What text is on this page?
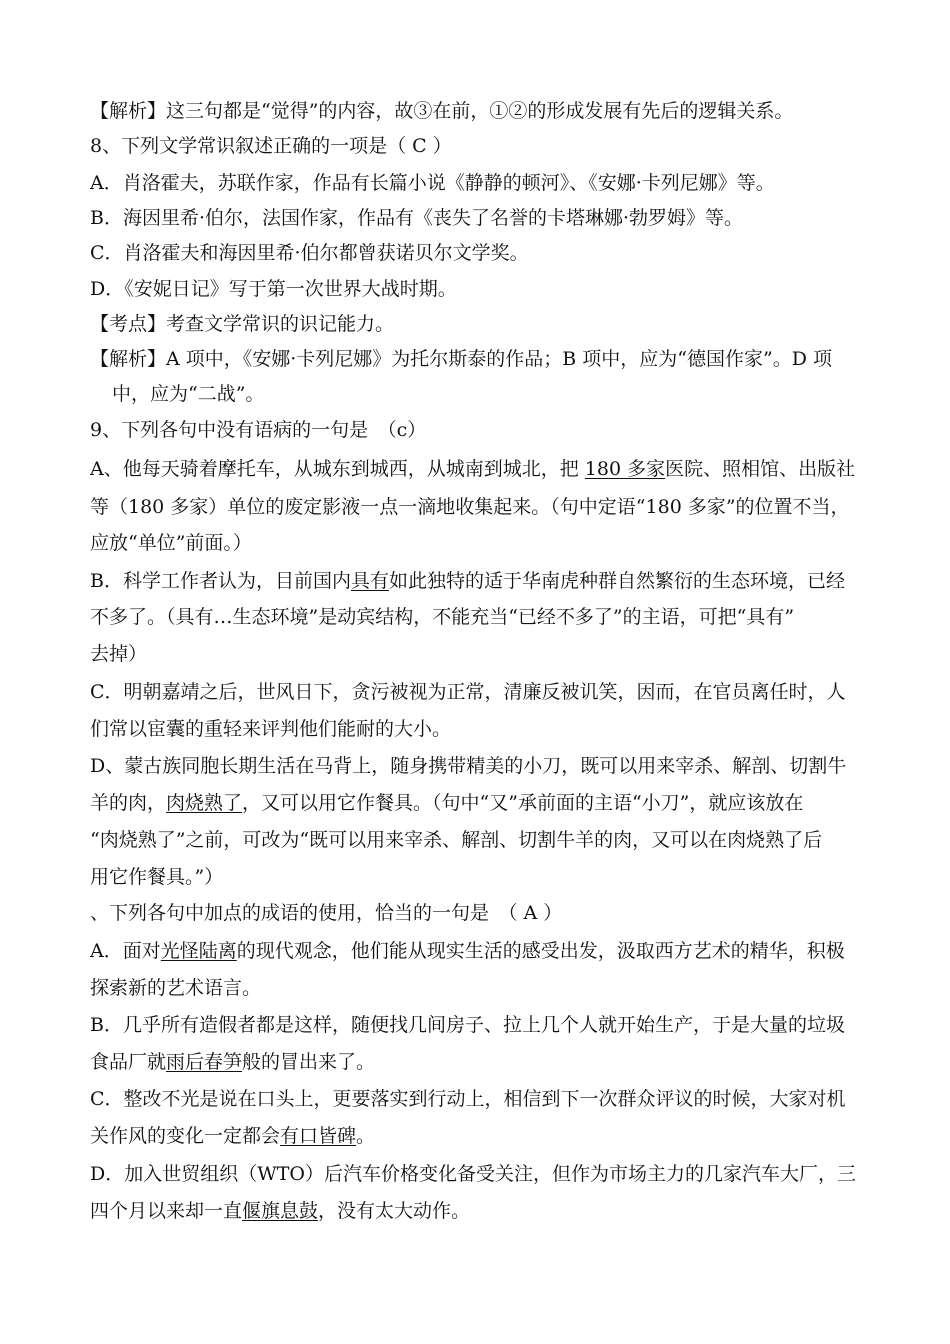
【解析】这三句都是“觉得”的内容，故③在前，①②的形成发展有先后的逻辑关系。
8、下列文学常识叙述正确的一项是（ C ）
A．肖洛霍夫，苏联作家，作品有长篇小说《静静的顿河》、《安娜·卡列尼娜》等。
B．海因里希·伯尔，法国作家，作品有《丧失了名誉的卡塔琳娜·勃罗姆》等。
C．肖洛霍夫和海因里希·伯尔都曾获诺贝尔文学奖。
D．《安妮日记》写于第一次世界大战时期。
【考点】考查文学常识的识记能力。
【解析】A 项中，《安娜·卡列尼娜》为托尔斯泰的作品；B 项中，应为“德国作家”。D 项
中，应为“二战”。
9、下列各句中没有语病的一句是　（c）
A、他每天骑着摩托车，从城东到城西，从城南到城北，把 180 多家医院、照相馆、出版社
等（180 多家）单位的废定影液一点一滴地收集起来。（句中定语“180 多家”的位置不当，
应放“单位”前面。）
B．科学工作者认为，目前国内具有如此独特的适于华南虎种群自然繁衍的生态环境，已经
不多了。（具有…生态环境”是动宾结构，不能充当“已经不多了”的主语，可把“具有”
去掉）
C．明朝嘉靖之后，世风日下，贪污被视为正常，清廉反被讥笑，因而，在官员离任时，人
们常以宦囊的重轻来评判他们能耐的大小。
D、蒙古族同胞长期生活在马背上，随身携带精美的小刀，既可以用来宰杀、解剖、切割牛
羊的肉，肉烧熟了，又可以用它作餐具。（句中“又”承前面的主语“小刀”，就应该放在
“肉烧熟了”之前，可改为“既可以用来宰杀、解剖、切割牛羊的肉，又可以在肉烧熟了后
用它作餐具。”）
、下列各句中加点的成语的使用，恰当的一句是　（ A ）
A．面对光怪陆离的现代观念，他们能从现实生活的感受出发，汲取西方艺术的精华，积极
探索新的艺术语言。
B．几乎所有造假者都是这样，随便找几间房子、拉上几个人就开始生产，于是大量的垃圾
食品厂就雨后春笋般的冒出来了。
C．整改不光是说在口头上，更要落实到行动上，相信到下一次群众评议的时候，大家对机
关作风的变化一定都会有口皆碑。
D．加入世贸组织（WTO）后汽车价格变化备受关注，但作为市场主力的几家汽车大厂，三
四个月以来却一直偃旗息鼓，没有太大动作。
